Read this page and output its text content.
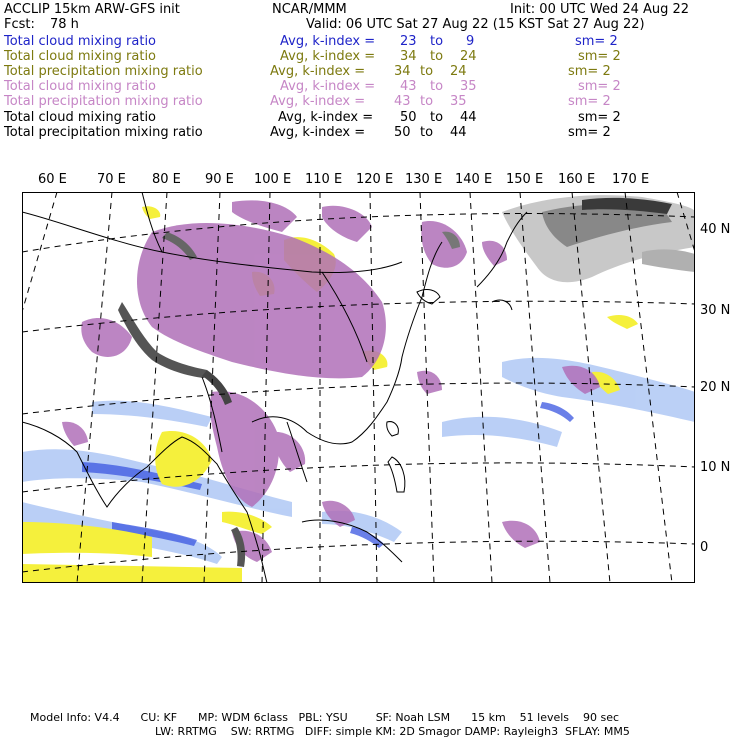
ACCLIP 15km ARW-GFS init	NCAR/MMM	Init: 00 UTC Wed 24 Aug 22
Fcst: 78 h	Valid: 06 UTC Sat 27 Aug 22 (15 KST Sat 27 Aug 22)
Total cloud mixing ratio	Avg, k-index = 23 to 9	sm= 2
Total cloud mixing ratio	Avg, k-index = 34 to 24	sm= 2
Total precipitation mixing ratio	Avg, k-index = 34 to 24	sm= 2
Total cloud mixing ratio	Avg, k-index = 43 to 35	sm= 2
Total precipitation mixing ratio	Avg, k-index = 43 to 35	sm= 2
Total cloud mixing ratio	Avg, k-index = 50 to 44	sm= 2
Total precipitation mixing ratio	Avg, k-index = 50 to 44	sm= 2
60 E 70 E 80 E 90 E 100 E 110 E 120 E 130 E 140 E 150 E 160 E 170 E
40 N
30 N
20 N
10 N
0
Model Info: V4.4      CU: KF      MP: WDM 6class   PBL: YSU        SF: Noah LSM      15 km    51 levels    90 sec
LW: RRTMG    SW: RRTMG   DIFF: simple KM: 2D Smagor DAMP: Rayleigh3  SFLAY: MM5
